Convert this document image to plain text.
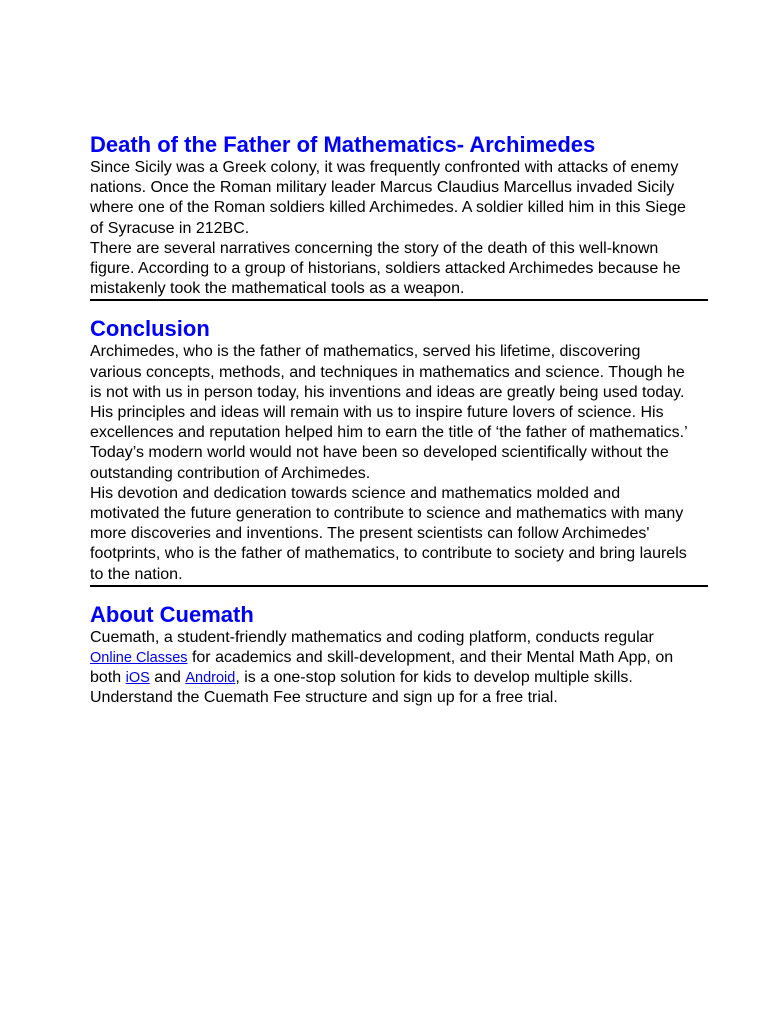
Death of the Father of Mathematics- Archimedes

Since Sicily was a Greek colony, it was frequently confronted with attacks of enemy nations. Once the Roman military leader Marcus Claudius Marcellus invaded Sicily where one of the Roman soldiers killed Archimedes. A soldier killed him in this Siege of Syracuse in 212BC.

There are several narratives concerning the story of the death of this well-known figure. According to a group of historians, soldiers attacked Archimedes because he mistakenly took the mathematical tools as a weapon.

Conclusion

Archimedes, who is the father of mathematics, served his lifetime, discovering various concepts, methods, and techniques in mathematics and science. Though he is not with us in person today, his inventions and ideas are greatly being used today.

His principles and ideas will remain with us to inspire future lovers of science. His excellences and reputation helped him to earn the title of ‘the father of mathematics.’ Today’s modern world would not have been so developed scientifically without the outstanding contribution of Archimedes.

His devotion and dedication towards science and mathematics molded and motivated the future generation to contribute to science and mathematics with many more discoveries and inventions. The present scientists can follow Archimedes' footprints, who is the father of mathematics, to contribute to society and bring laurels to the nation.

About Cuemath

Cuemath, a student-friendly mathematics and coding platform, conducts regular Online Classes for academics and skill-development, and their Mental Math App, on both iOS and Android, is a one-stop solution for kids to develop multiple skills. Understand the Cuemath Fee structure and sign up for a free trial.
